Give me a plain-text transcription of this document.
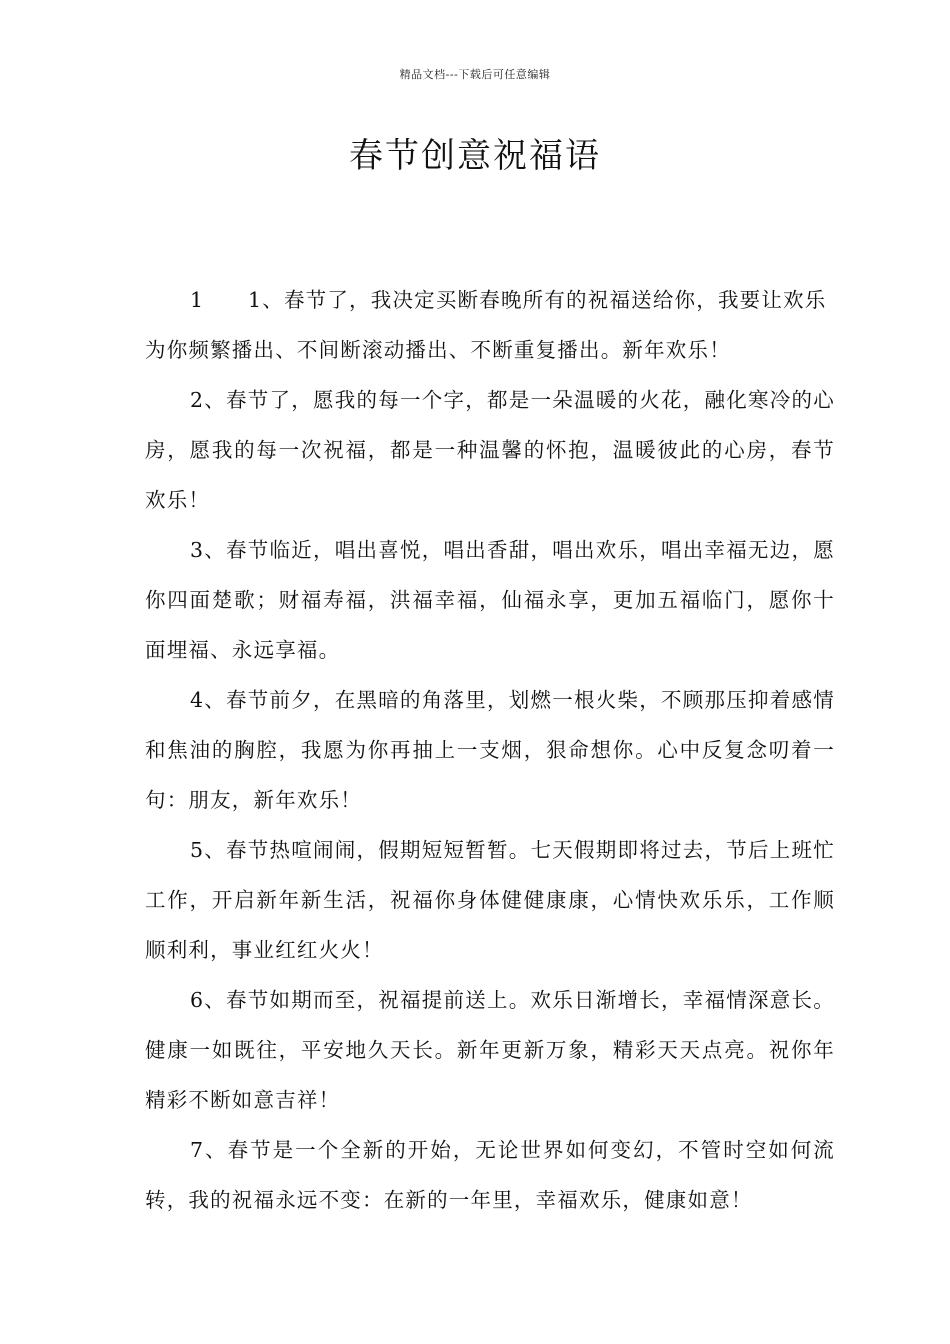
精品文档---下载后可任意编辑
春节创意祝福语

1 1、春节了，我决定买断春晚所有的祝福送给你，我要让欢乐为你频繁播出、不间断滚动播出、不断重复播出。新年欢乐！

2、春节了，愿我的每一个字，都是一朵温暖的火花，融化寒冷的心房，愿我的每一次祝福，都是一种温馨的怀抱，温暖彼此的心房，春节欢乐！

3、春节临近，唱出喜悦，唱出香甜，唱出欢乐，唱出幸福无边，愿你四面楚歌；财福寿福，洪福幸福，仙福永享，更加五福临门，愿你十面埋福、永远享福。

4、春节前夕，在黑暗的角落里，划燃一根火柴，不顾那压抑着感情和焦油的胸腔，我愿为你再抽上一支烟，狠命想你。心中反复念叨着一句：朋友，新年欢乐！

5、春节热喧闹闹，假期短短暂暂。七天假期即将过去，节后上班忙工作，开启新年新生活，祝福你身体健健康康，心情快欢乐乐，工作顺顺利利，事业红红火火！

6、春节如期而至，祝福提前送上。欢乐日渐增长，幸福情深意长。健康一如既往，平安地久天长。新年更新万象，精彩天天点亮。祝你年精彩不断如意吉祥！

7、春节是一个全新的开始，无论世界如何变幻，不管时空如何流转，我的祝福永远不变：在新的一年里，幸福欢乐，健康如意！
